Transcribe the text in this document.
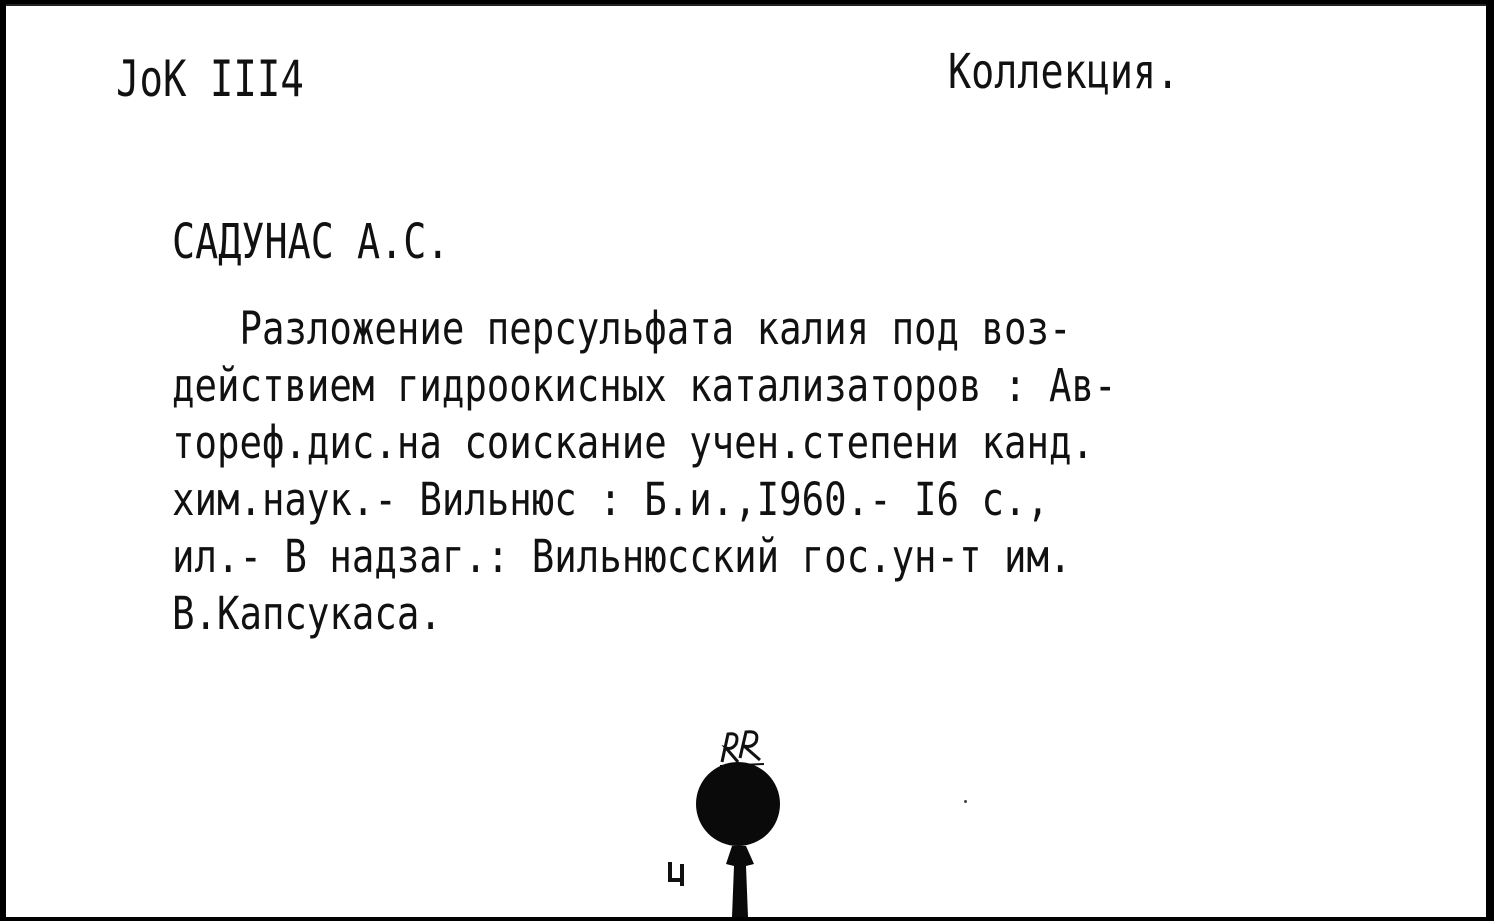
JoK III4	Коллекция.
САДУНАС А.С.
Разложение персульфата калия под воз-
действием гидроокисных катализаторов : Ав-
тореф.дис.на соискание учен.степени канд.
хим.наук.- Вильнюс : Б.и.,I960.- I6 с.,
ил.- В надзаг.: Вильнюсский гос.ун-т им.
В.Капсукаса.
